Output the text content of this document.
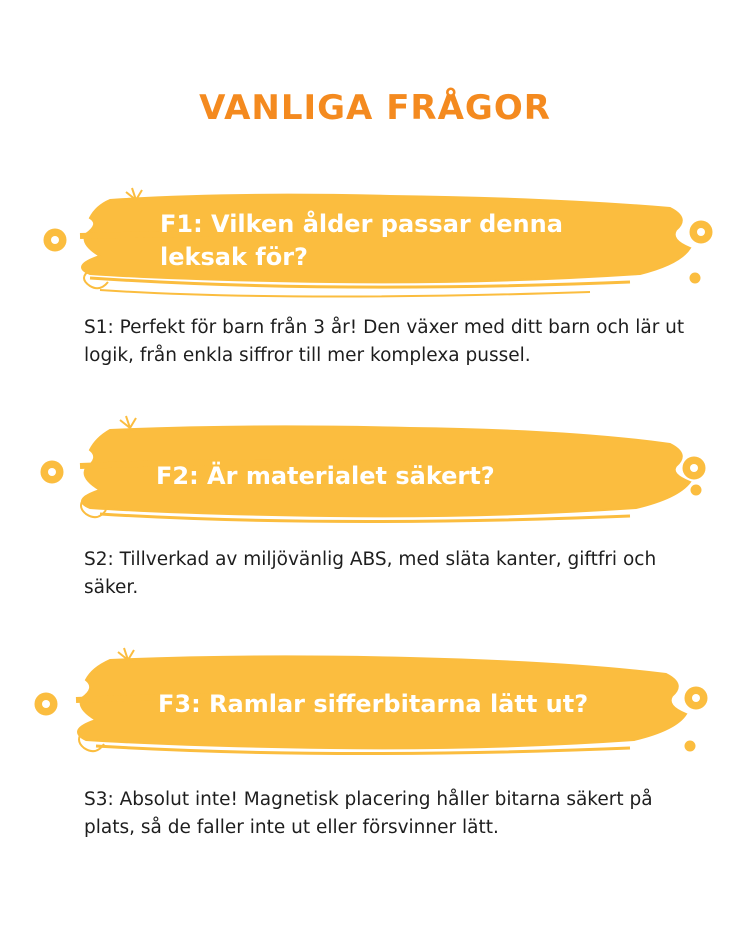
VANLIGA FRÅGOR
F1: Vilken ålder passar denna leksak för?
S1: Perfekt för barn från 3 år! Den växer med ditt barn och lär ut logik, från enkla siffror till mer komplexa pussel.
F2: Är materialet säkert?
S2: Tillverkad av miljövänlig ABS, med släta kanter, giftfri och säker.
F3: Ramlar sifferbitarna lätt ut?
S3: Absolut inte! Magnetisk placering håller bitarna säkert på plats, så de faller inte ut eller försvinner lätt.
